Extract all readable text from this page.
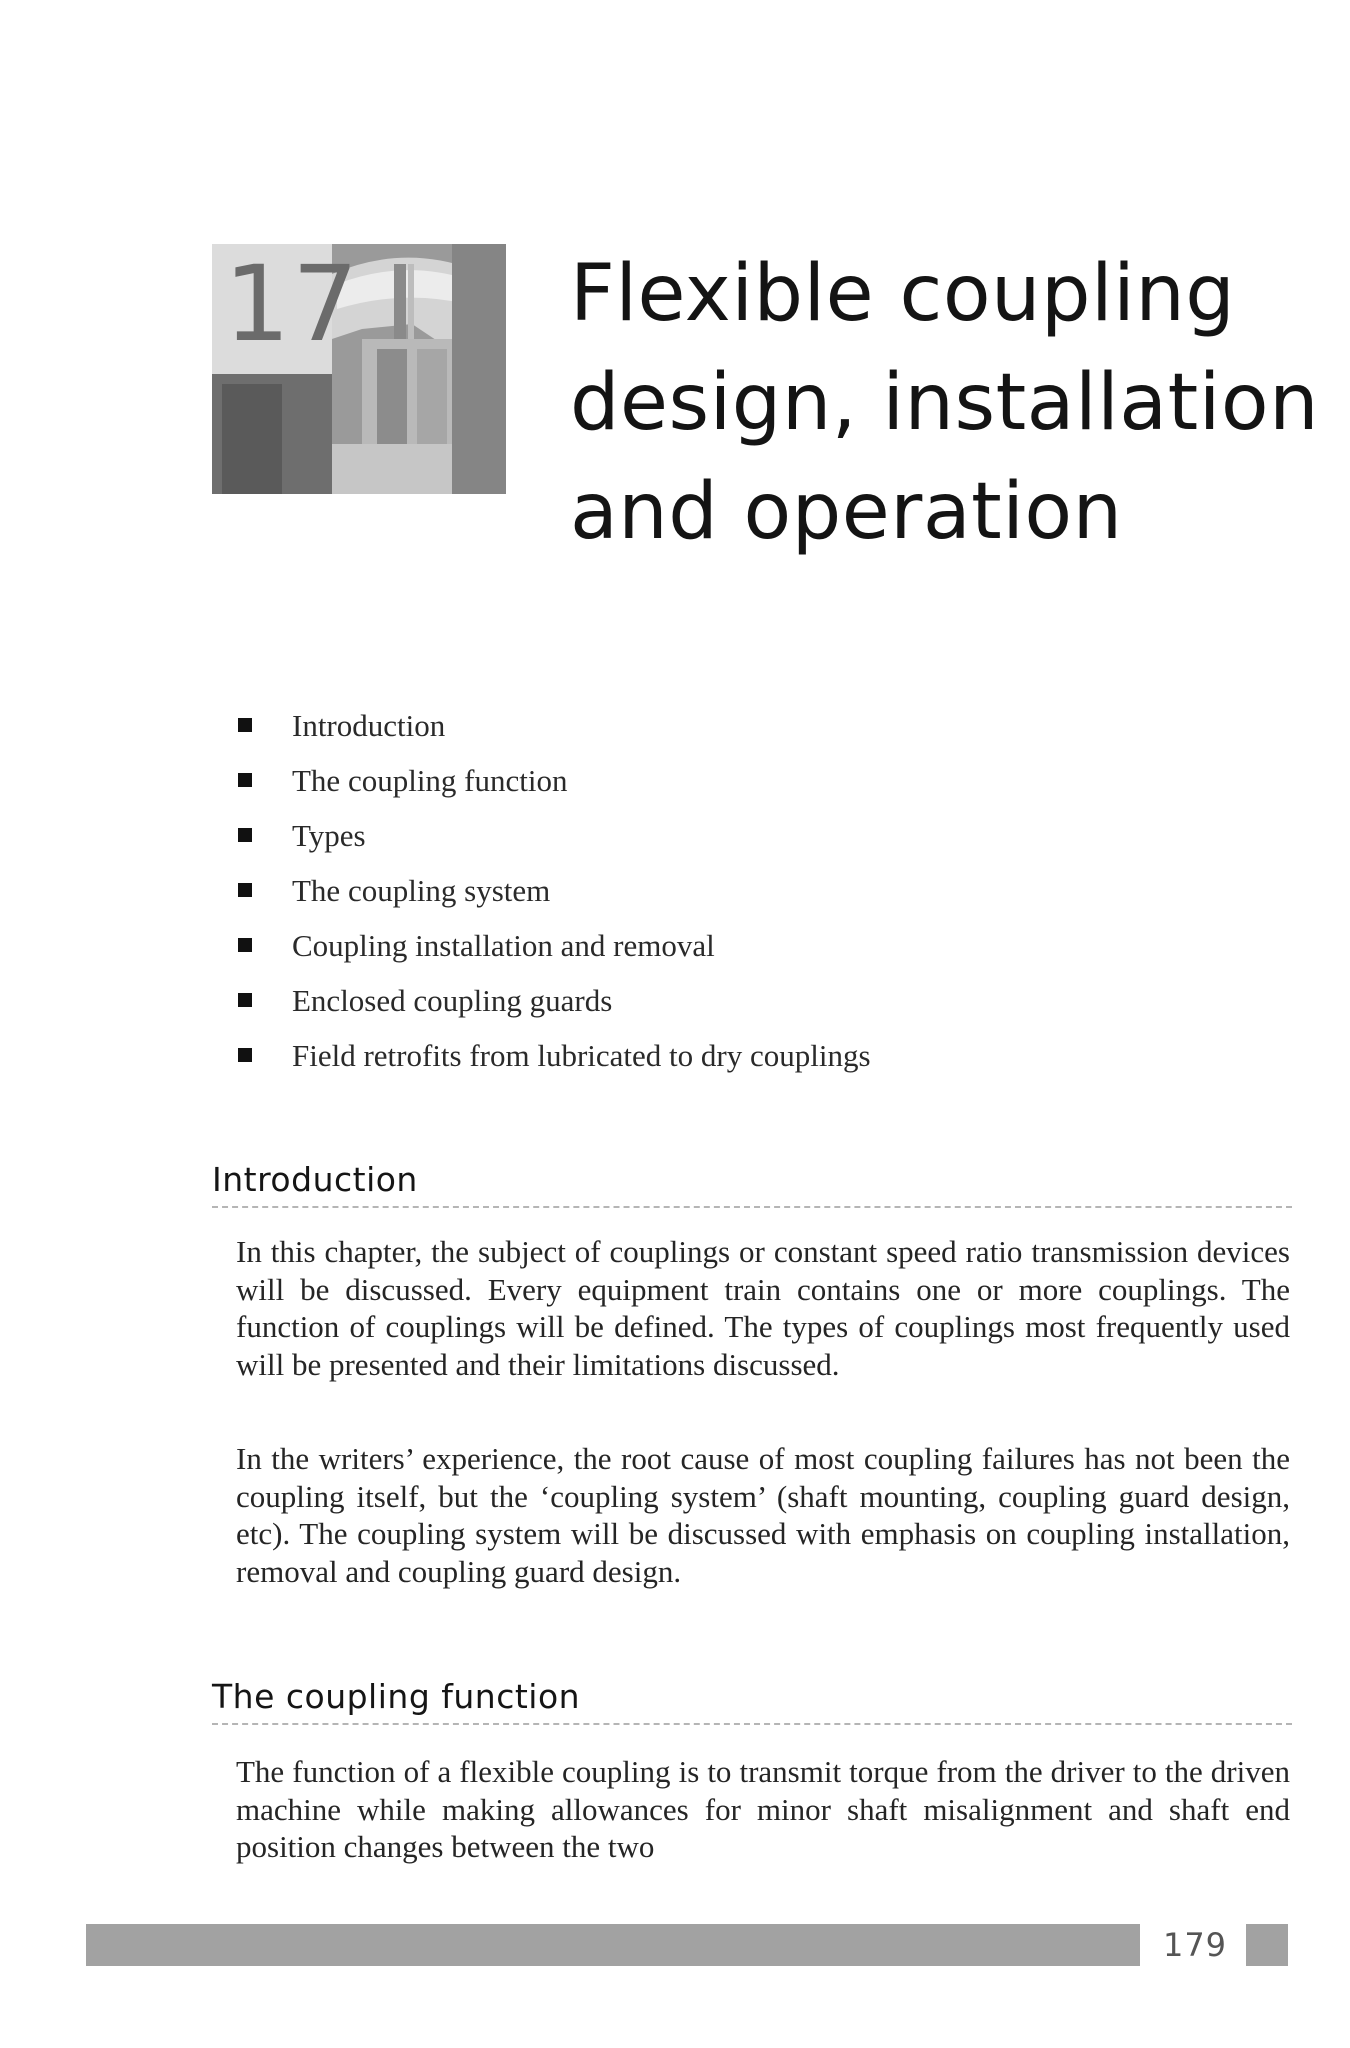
17	Flexible coupling design, installation and operation
Introduction
The coupling function
Types
The coupling system
Coupling installation and removal
Enclosed coupling guards
Field retrofits from lubricated to dry couplings
Introduction

In this chapter, the subject of couplings or constant speed ratio transmission devices will be discussed. Every equipment train contains one or more couplings. The function of couplings will be defined. The types of couplings most frequently used will be presented and their limitations discussed.

In the writers’ experience, the root cause of most coupling failures has not been the coupling itself, but the ‘coupling system’ (shaft mounting, coupling guard design, etc). The coupling system will be discussed with emphasis on coupling installation, removal and coupling guard design.

The coupling function

The function of a flexible coupling is to transmit torque from the driver to the driven machine while making allowances for minor shaft misalignment and shaft end position changes between the two

179
